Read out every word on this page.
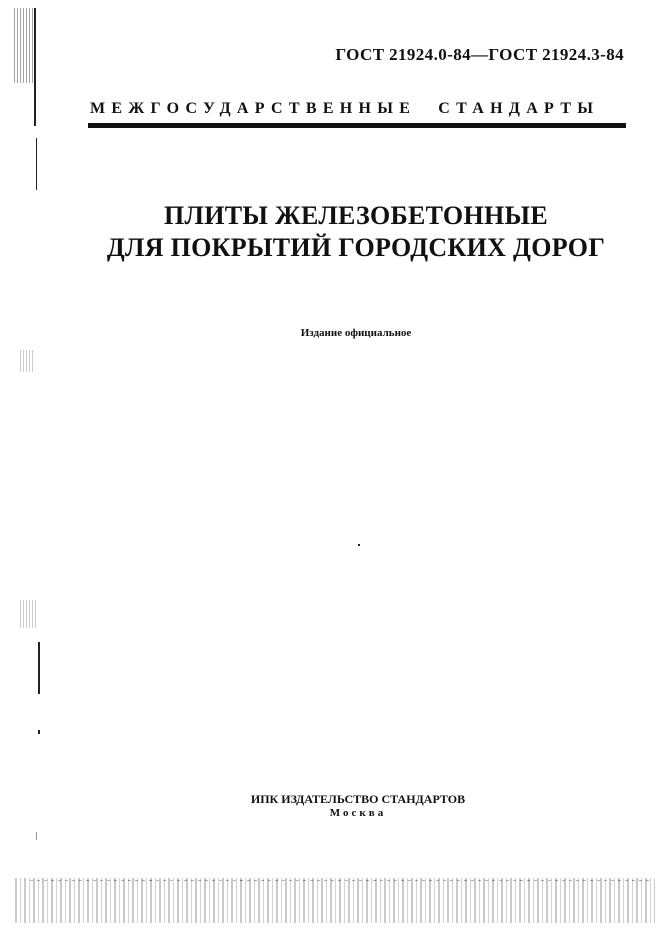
ГОСТ 21924.0-84—ГОСТ 21924.3-84
МЕЖГОСУДАРСТВЕННЫЕ СТАНДАРТЫ
ПЛИТЫ ЖЕЛЕЗОБЕТОННЫЕ
ДЛЯ ПОКРЫТИЙ ГОРОДСКИХ ДОРОГ
Издание официальное
ИПК ИЗДАТЕЛЬСТВО СТАНДАРТОВ
Москва
